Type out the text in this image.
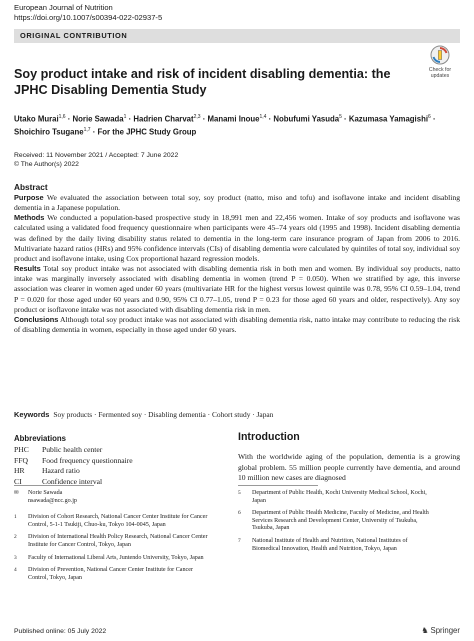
European Journal of Nutrition
https://doi.org/10.1007/s00394-022-02937-5
ORIGINAL CONTRIBUTION
Check for
updates
Soy product intake and risk of incident disabling dementia: the JPHC Disabling Dementia Study
Utako Murai$^{1,6}$ · Norie Sawada$^1$ · Hadrien Charvat$^{2,3}$ · Manami Inoue$^{1,4}$ · Nobufumi Yasuda$^5$ · Kazumasa Yamagishi$^6$ ·
Shoichiro Tsugane$^{1,7}$ · For the JPHC Study Group
Received: 11 November 2021 / Accepted: 7 June 2022
© The Author(s) 2022
Abstract

Purpose We evaluated the association between total soy, soy product (natto, miso and tofu) and isoflavone intake and incident disabling dementia in a Japanese population.

Methods We conducted a population-based prospective study in 18,991 men and 22,456 women. Intake of soy products and isoflavone was calculated using a validated food frequency questionnaire when participants were 45–74 years old (1995 and 1998). Incident disabling dementia was defined by the daily living disability status related to dementia in the long-term care insurance program of Japan from 2006 to 2016. Multivariate hazard ratios (HRs) and 95% confidence intervals (CIs) of disabling dementia were calculated by quintiles of total soy, individual soy product and isoflavone intake, using Cox proportional hazard regression models.

Results Total soy product intake was not associated with disabling dementia risk in both men and women. By individual soy products, natto intake was marginally inversely associated with disabling dementia in women (trend P = 0.050). When we stratified by age, this inverse association was clearer in women aged under 60 years (multivariate HR for the highest versus lowest quintile was 0.78, 95% CI 0.59–1.04, trend P = 0.020 for those aged under 60 years and 0.90, 95% CI 0.77–1.05, trend P = 0.23 for those aged 60 years and older, respectively). Any soy product or isoflavone intake was not associated with disabling dementia risk in men.

Conclusions Although total soy product intake was not associated with disabling dementia risk, natto intake may contribute to reducing the risk of disabling dementia in women, especially in those aged under 60 years.

Keywords Soy products · Fermented soy · Disabling dementia · Cohort study · Japan
Abbreviations
PHC	Public health center
FFQ	Food frequency questionnaire
HR	Hazard ratio
CI	Confidence interval
Introduction

With the worldwide aging of the population, dementia is a growing global problem. 55 million people currently have dementia, and around 10 million new cases are diagnosed

✉	Norie Sawada
nsawada@ncc.go.jp
1	Division of Cohort Research, National Cancer Center Institute for Cancer Control, 5-1-1 Tsukiji, Chuo-ku, Tokyo 104-0045, Japan
2	Division of International Health Policy Research, National Cancer Center Institute for Cancer Control, Tokyo, Japan
3	Faculty of International Liberal Arts, Juntendo University, Tokyo, Japan
4	Division of Prevention, National Cancer Center Institute for Cancer Control, Tokyo, Japan
5	Department of Public Health, Kochi University Medical School, Kochi, Japan
6	Department of Public Health Medicine, Faculty of Medicine, and Health Services Research and Development Center, University of Tsukuba, Tsukuba, Japan
7	National Institute of Health and Nutrition, National Institutes of Biomedical Innovation, Health and Nutrition, Tokyo, Japan
Published online: 05 July 2022	♞ Springer
